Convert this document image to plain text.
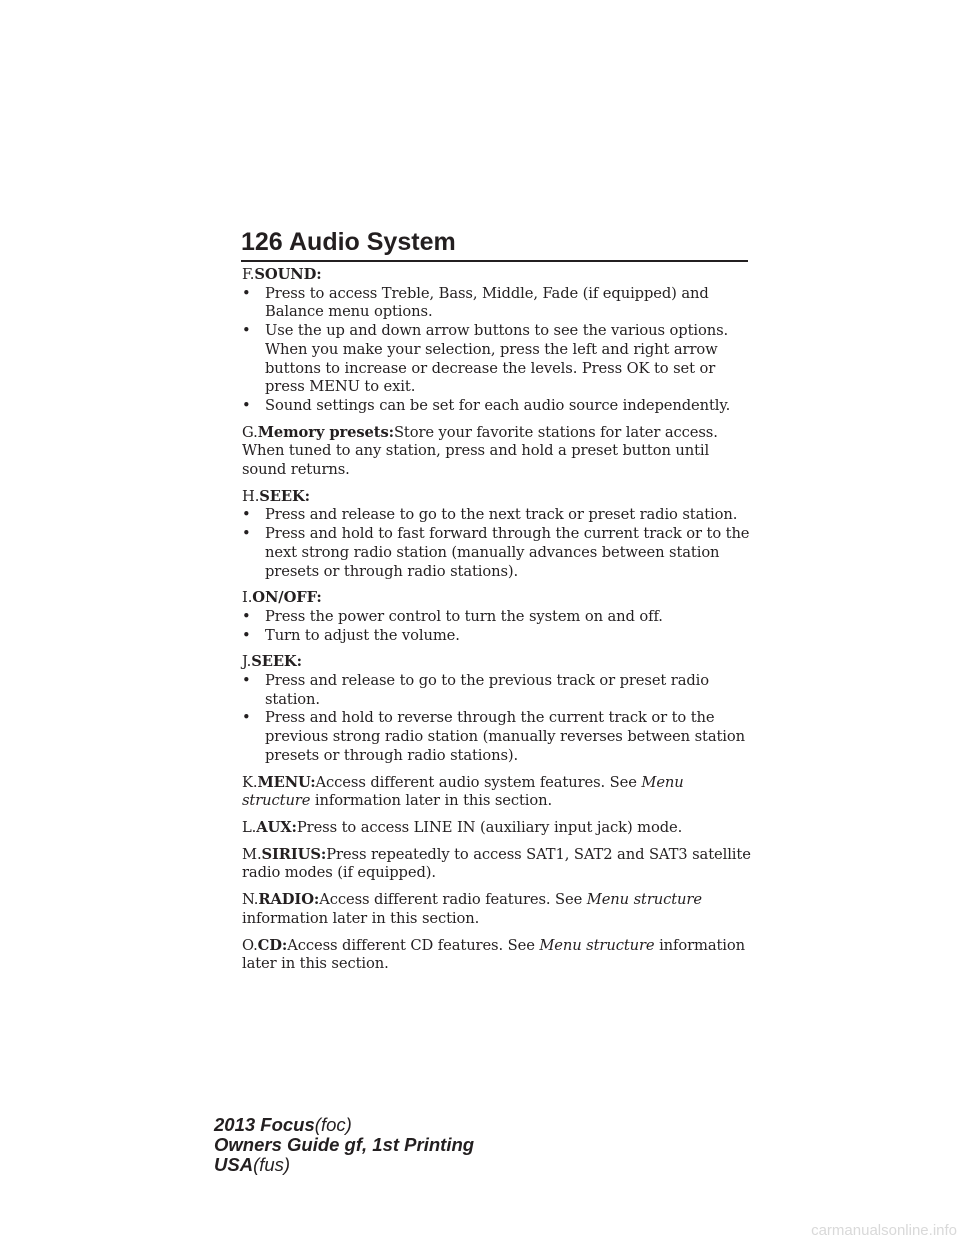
126 Audio System

F.SOUND:

• Press to access Treble, Bass, Middle, Fade (if equipped) and Balance menu options.
• Use the up and down arrow buttons to see the various options. When you make your selection, press the left and right arrow buttons to increase or decrease the levels. Press OK to set or press MENU to exit.
• Sound settings can be set for each audio source independently.

G.Memory presets:Store your favorite stations for later access. When tuned to any station, press and hold a preset button until sound returns.

H.SEEK:

• Press and release to go to the next track or preset radio station.
• Press and hold to fast forward through the current track or to the next strong radio station (manually advances between station presets or through radio stations).

I.ON/OFF:

• Press the power control to turn the system on and off.
• Turn to adjust the volume.

J.SEEK:

• Press and release to go to the previous track or preset radio station.
• Press and hold to reverse through the current track or to the previous strong radio station (manually reverses between station presets or through radio stations).

K.MENU:Access different audio system features. See Menu structure information later in this section.

L.AUX:Press to access LINE IN (auxiliary input jack) mode.

M.SIRIUS:Press repeatedly to access SAT1, SAT2 and SAT3 satellite radio modes (if equipped).

N.RADIO:Access different radio features. See Menu structure information later in this section.

O.CD:Access different CD features. See Menu structure information later in this section.

2013 Focus(foc)
Owners Guide gf, 1st Printing
USA(fus)
carmanualsonline.info
